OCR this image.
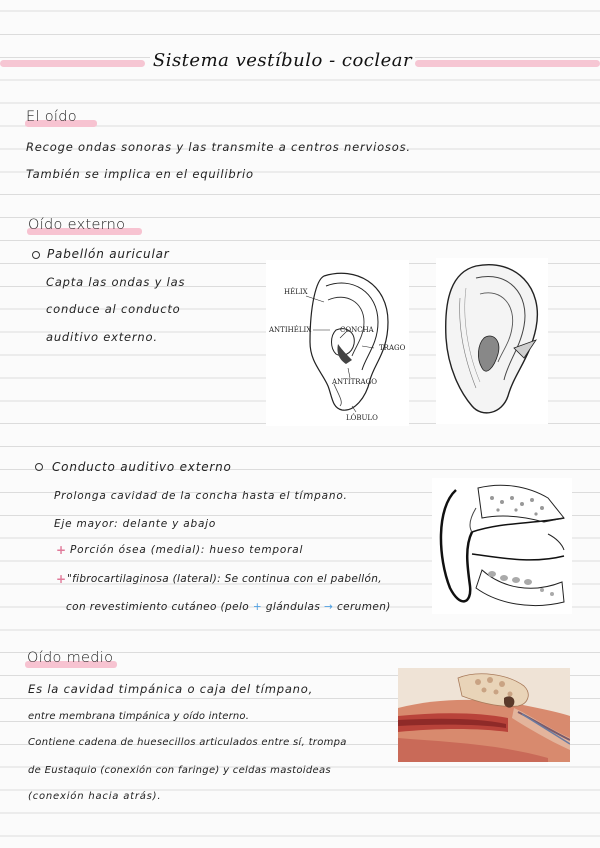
Sistema vestíbulo - coclear
El oído
Recoge ondas sonoras y las transmite a centros nerviosos.
También se implica en el equilibrio
Oído externo
Pabellón auricular
Capta las ondas y las
conduce al conducto
auditivo externo.
HÉLIX
ANTIHÉLIX	CONCHA
TRAGO
ANTITRAGO
LÓBULO
Conducto auditivo externo
Prolonga cavidad de la concha hasta el tímpano.
Eje mayor: delante y abajo
+ Porción ósea (medial): hueso temporal
+ "fibrocartilaginosa (lateral): Se continua con el pabellón,
con revestimiento cutáneo (pelo + glándulas → cerumen)
Oído medio
Es la cavidad timpánica o caja del tímpano,
entre membrana timpánica y oído interno.
Contiene cadena de huesecillos articulados entre sí, trompa
de Eustaquio (conexión con faringe) y celdas mastoideas
(conexión hacia atrás).
